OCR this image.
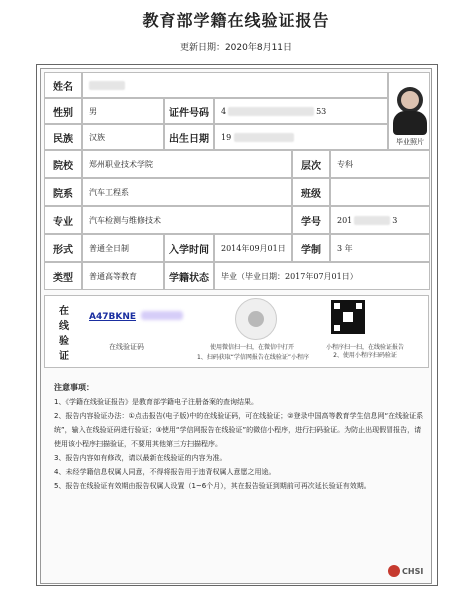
教育部学籍在线验证报告
更新日期：2020年8月11日
姓名
性别	男	证件号码	4	53
民族	汉族	出生日期	19
毕业照片
院校	郑州职业技术学院	层次	专科
院系	汽车工程系	班级
专业	汽车检测与维修技术	学号	201	3
形式	普通全日制	入学时间	2014年09月01日	学制	3 年
类型	普通高等教育	学籍状态	毕业（毕业日期：2017年07月01日）
A47BKNE
在线验证码	使用微信扫一扫，在微信中打开
1、扫码获取“学信网报告在线验证”小程序
小程序扫一扫，在线验证报告
2、使用小程序扫码验证
在
线
验
证
注意事项：
1、《学籍在线验证报告》是教育部学籍电子注册备案的查询结果。
2、报告内容验证办法：①点击报告(电子版)中的在线验证码，可在线验证；②登录中国高等教育学生信息网“在线验证系统”，输入在线验证码进行验证；③使用“学信网报告在线验证”的微信小程序，进行扫码验证。为防止出现假冒报告，请使用该小程序扫描验证，不要用其他第三方扫描程序。
3、报告内容如有修改，请以最新在线验证的内容为准。
4、未经学籍信息权属人同意，不得将报告用于违背权属人意愿之用途。
5、报告在线验证有效期由报告权属人设置（1~6个月），其在报告验证到期前可再次延长验证有效期。
CHSI
